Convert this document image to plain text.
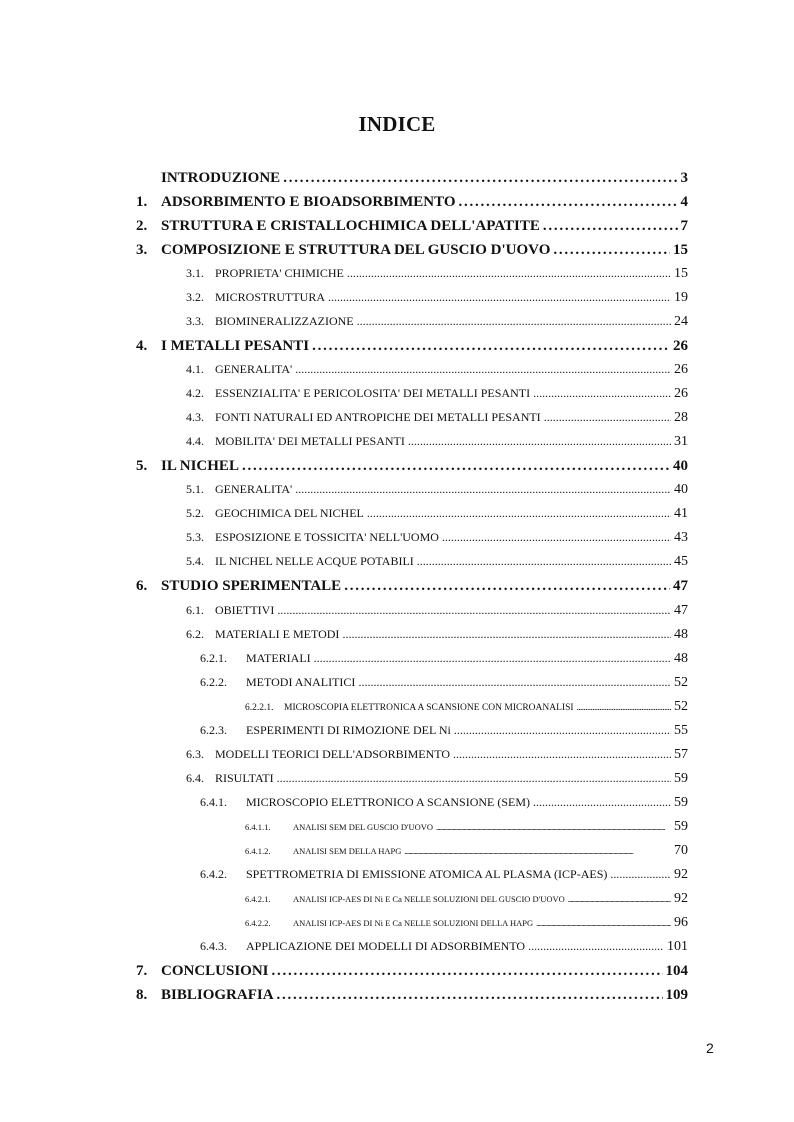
INDICE
INTRODUZIONE . . .	3
1. ADSORBIMENTO E BIOADSORBIMENTO . . .	4
2. STRUTTURA E CRISTALLOCHIMICA DELL'APATITE . . .	7
3. COMPOSIZIONE E STRUTTURA DEL GUSCIO D'UOVO . . .	15
3.1. PROPRIETA' CHIMICHE . . .	15
3.2. MICROSTRUTTURA . . .	19
3.3. BIOMINERALIZZAZIONE . . .	24
4. I METALLI PESANTI . . .	26
4.1. GENERALITA' . . .	26
4.2. ESSENZIALITA' E PERICOLOSITA' DEI METALLI PESANTI . . .	26
4.3. FONTI NATURALI ED ANTROPICHE DEI METALLI PESANTI . . .	28
4.4. MOBILITA' DEI METALLI PESANTI . . .	31
5. IL NICHEL . . .	40
5.1. GENERALITA' . . .	40
5.2. GEOCHIMICA DEL NICHEL . . .	41
5.3. ESPOSIZIONE E TOSSICITA' NELL'UOMO . . .	43
5.4. IL NICHEL NELLE ACQUE POTABILI . . .	45
6. STUDIO SPERIMENTALE . . .	47
6.1. OBIETTIVI . . .	47
6.2. MATERIALI E METODI . . .	48
6.2.1.	MATERIALI . . .	48
6.2.2.	METODI ANALITICI . . .	52
6.2.2.1.	MICROSCOPIA ELETTRONICA A SCANSIONE CON MICROANALISI . . .	52
6.2.3.	ESPERIMENTI DI RIMOZIONE DEL Ni . . .	55
6.3. MODELLI TEORICI DELL'ADSORBIMENTO . . .	57
6.4. RISULTATI . . .	59
6.4.1.	MICROSCOPIO ELETTRONICO A SCANSIONE (SEM) . . .	59
6.4.1.1.	ANALISI SEM DEL GUSCIO D'UOVO . . .	59
6.4.1.2.	ANALISI SEM DELLA HAPG . . .	70
6.4.2.	SPETTROMETRIA DI EMISSIONE ATOMICA AL PLASMA (ICP-AES) . . .	92
6.4.2.1.	ANALISI ICP-AES DI Ni E Ca NELLE SOLUZIONI DEL GUSCIO D'UOVO . . .	92
6.4.2.2.	ANALISI ICP-AES DI Ni E Ca NELLE SOLUZIONI DELLA HAPG . . .	96
6.4.3.	APPLICAZIONE DEI MODELLI DI ADSORBIMENTO . . .	101
7. CONCLUSIONI . . .	104
8. BIBLIOGRAFIA . . .	109
2
